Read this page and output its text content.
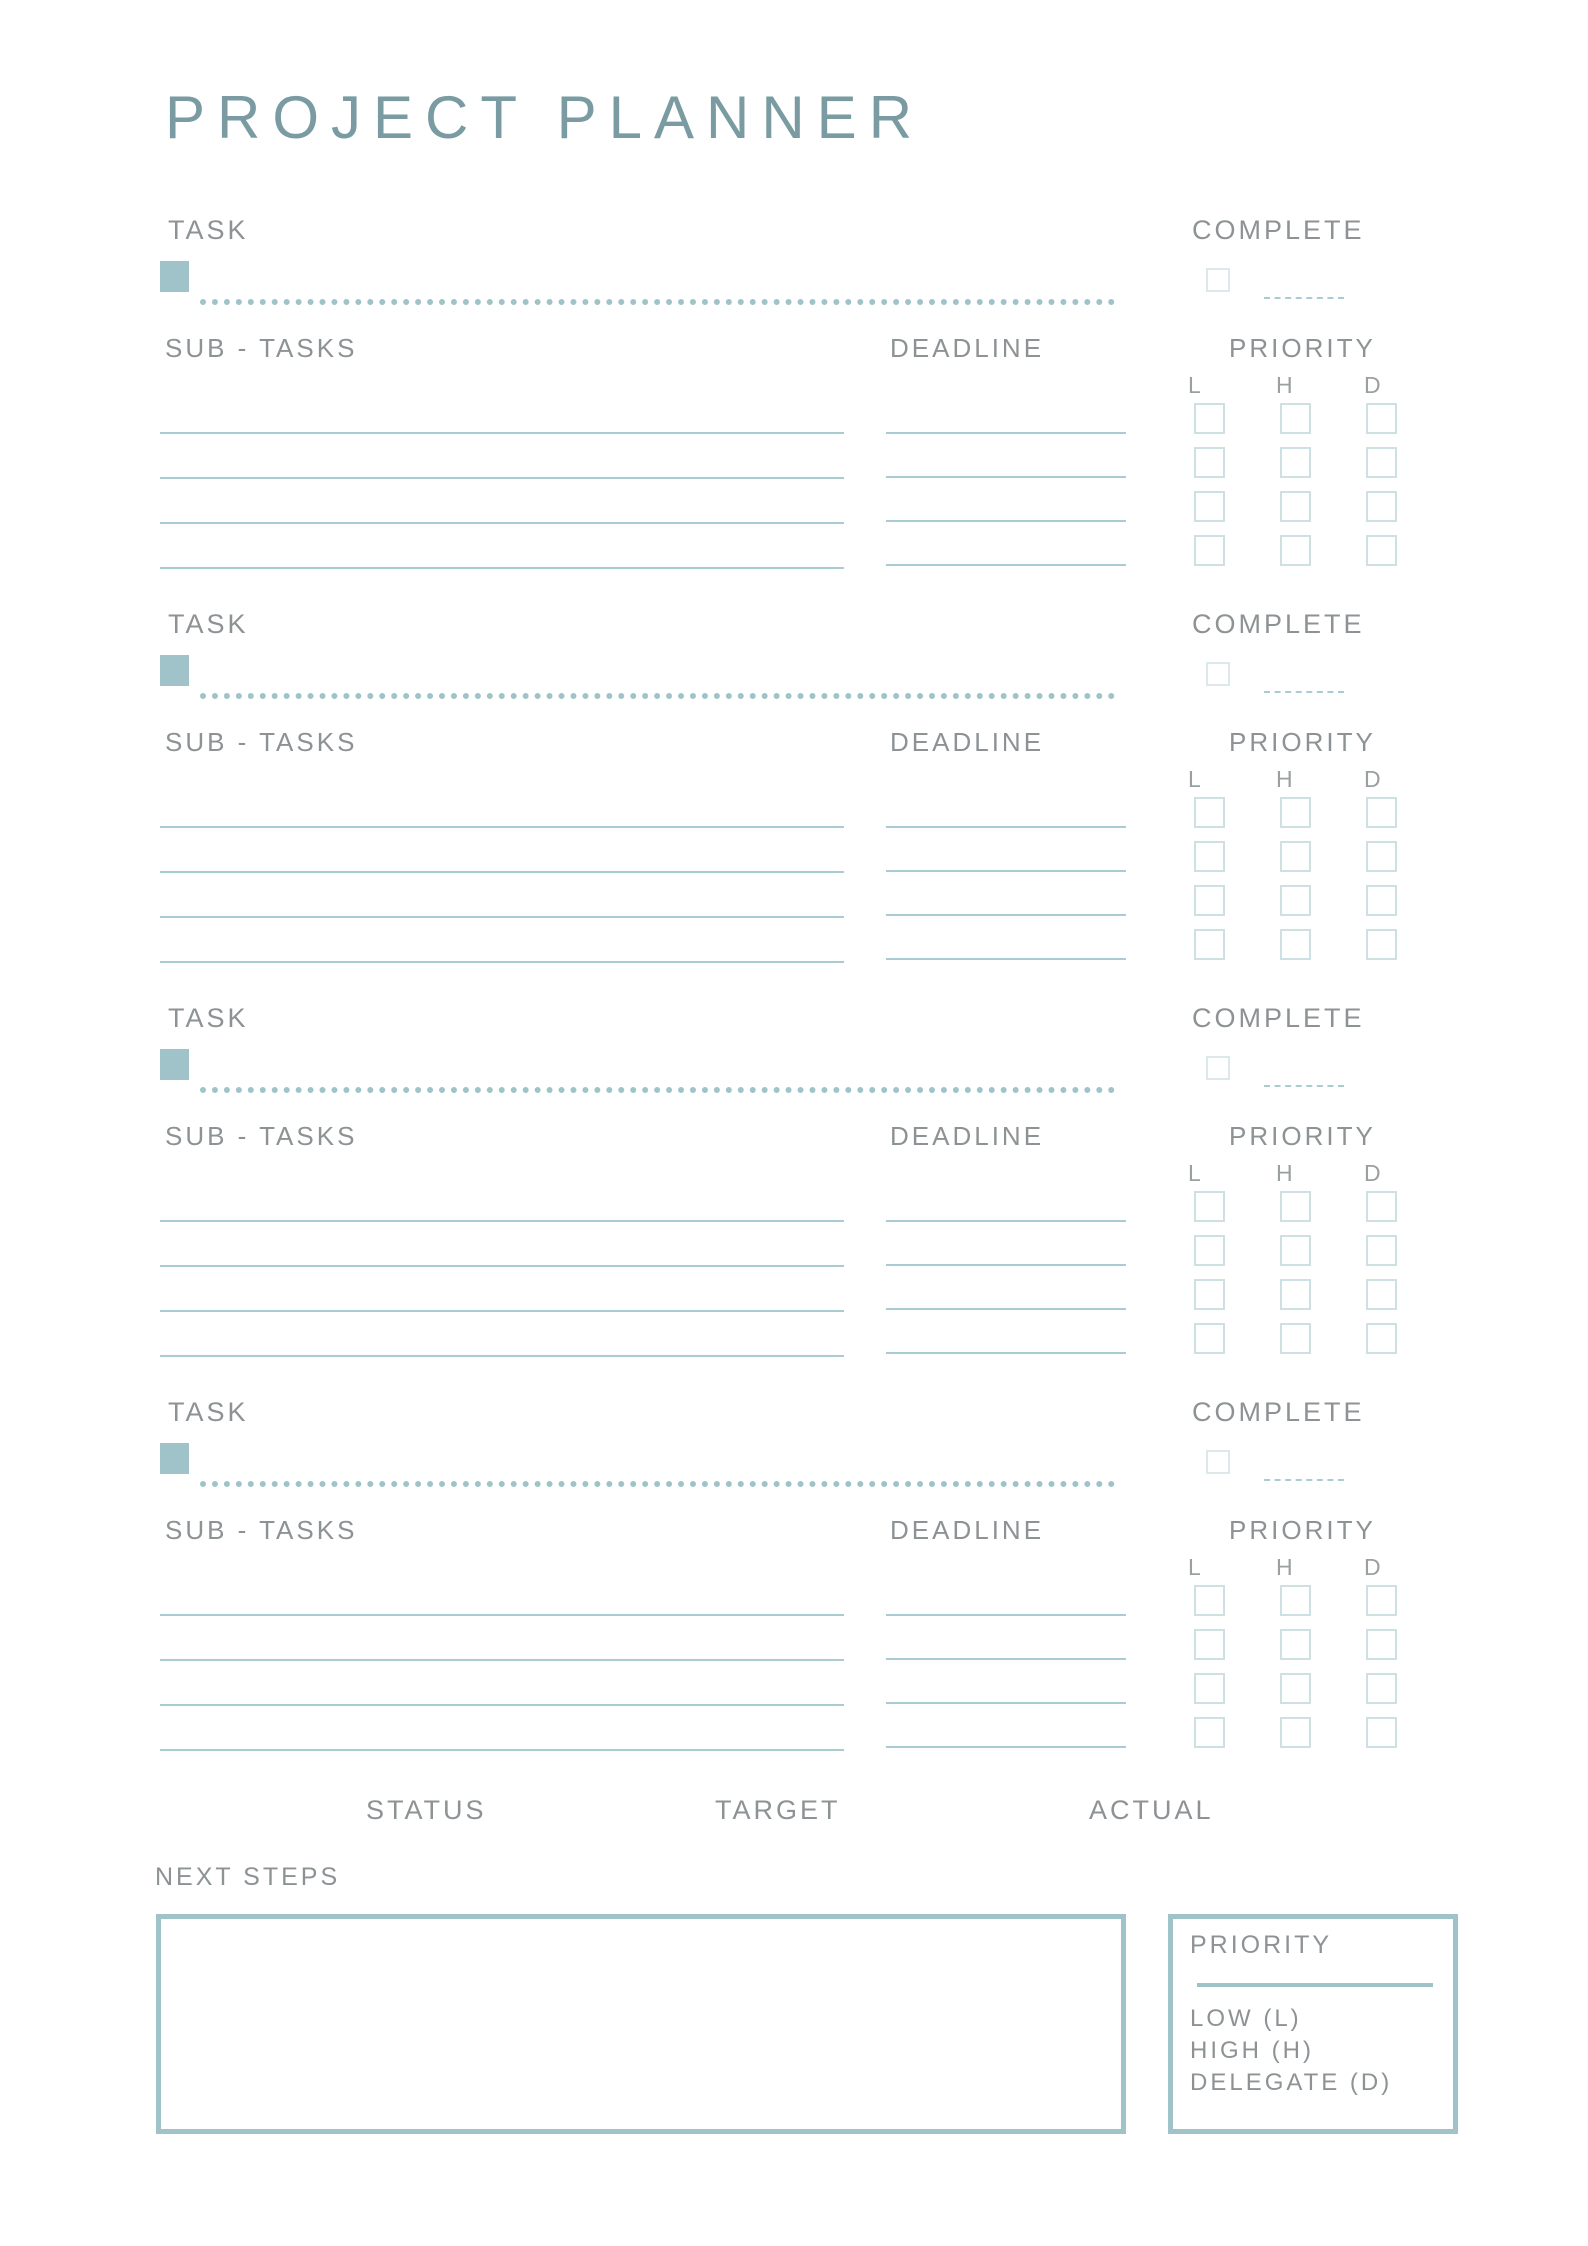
PROJECT PLANNER
TASK	COMPLETE
SUB - TASKS	DEADLINE	PRIORITY
L	H	D
TASK	COMPLETE
SUB - TASKS	DEADLINE	PRIORITY
L	H	D
TASK	COMPLETE
SUB - TASKS	DEADLINE	PRIORITY
L	H	D
TASK	COMPLETE
SUB - TASKS	DEADLINE	PRIORITY
L	H	D
STATUS	TARGET	ACTUAL
NEXT STEPS
PRIORITY
LOW (L)
HIGH (H)
DELEGATE (D)
